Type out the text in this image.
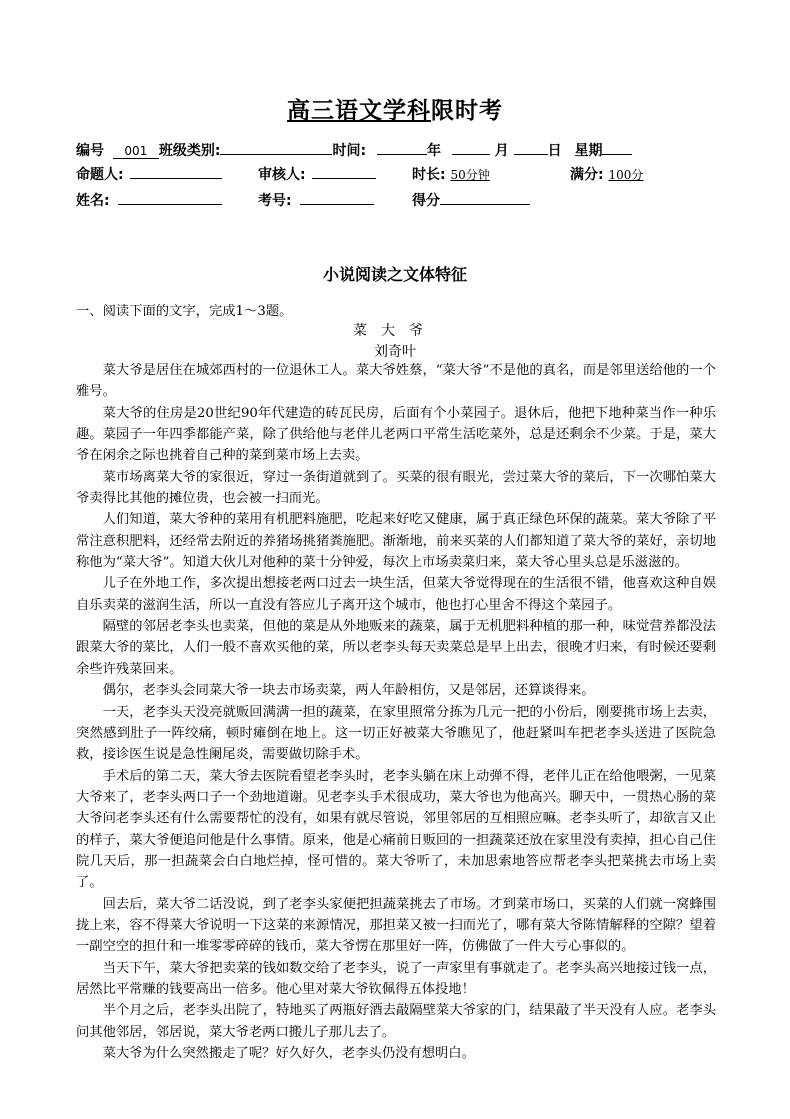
高三语文学科限时考
编号 001 班级类别:	时间:	年	月	日 星期
命题人:	审核人:	时长: 50分钟	满分: 100分
姓名:	考号:	得分
小说阅读之文体特征
一、阅读下面的文字，完成1～3题。
菜大爷
刘奇叶

菜大爷是居住在城郊西村的一位退休工人。菜大爷姓蔡，“菜大爷”不是他的真名，而是邻里送给他的一个雅号。

菜大爷的住房是20世纪90年代建造的砖瓦民房，后面有个小菜园子。退休后，他把下地种菜当作一种乐趣。菜园子一年四季都能产菜，除了供给他与老伴儿老两口平常生活吃菜外，总是还剩余不少菜。于是，菜大爷在闲余之际也挑着自己种的菜到菜市场上去卖。

菜市场离菜大爷的家很近，穿过一条街道就到了。买菜的很有眼光，尝过菜大爷的菜后，下一次哪怕菜大爷卖得比其他的摊位贵，也会被一扫而光。

人们知道，菜大爷种的菜用有机肥料施肥，吃起来好吃又健康，属于真正绿色环保的蔬菜。菜大爷除了平常注意积肥料，还经常去附近的养猪场挑猪粪施肥。渐渐地，前来买菜的人们都知道了菜大爷的菜好，亲切地称他为“菜大爷”。知道大伙儿对他种的菜十分钟爱，每次上市场卖菜归来，菜大爷心里头总是乐滋滋的。

儿子在外地工作，多次提出想接老两口过去一块生活，但菜大爷觉得现在的生活很不错，他喜欢这种自娱自乐卖菜的滋润生活，所以一直没有答应儿子离开这个城市，他也打心里舍不得这个菜园子。

隔壁的邻居老李头也卖菜，但他的菜是从外地贩来的蔬菜，属于无机肥料种植的那一种，味觉营养都没法跟菜大爷的菜比，人们一般不喜欢买他的菜，所以老李头每天卖菜总是早上出去，很晚才归来，有时候还要剩余些许残菜回来。

偶尔，老李头会同菜大爷一块去市场卖菜，两人年龄相仿，又是邻居，还算谈得来。

一天，老李头天没亮就贩回满满一担的蔬菜，在家里照常分拣为几元一把的小份后，刚要挑市场上去卖，突然感到肚子一阵绞痛，顿时瘫倒在地上。这一切正好被菜大爷瞧见了，他赶紧叫车把老李头送进了医院急救，接诊医生说是急性阑尾炎，需要做切除手术。

手术后的第二天，菜大爷去医院看望老李头时，老李头躺在床上动弹不得，老伴儿正在给他喂粥，一见菜大爷来了，老李头两口子一个劲地道谢。见老李头手术很成功，菜大爷也为他高兴。聊天中，一贯热心肠的菜大爷问老李头还有什么需要帮忙的没有，如果有就尽管说，邻里邻居的互相照应嘛。老李头听了，却欲言又止的样子，菜大爷便追问他是什么事情。原来，他是心痛前日贩回的一担蔬菜还放在家里没有卖掉，担心自己住院几天后，那一担蔬菜会白白地烂掉，怪可惜的。菜大爷听了，未加思索地答应帮老李头把菜挑去市场上卖了。

回去后，菜大爷二话没说，到了老李头家便把担蔬菜挑去了市场。才到菜市场口，买菜的人们就一窝蜂围拢上来，容不得菜大爷说明一下这菜的来源情况，那担菜又被一扫而光了，哪有菜大爷陈情解释的空隙？望着一副空空的担什和一堆零零碎碎的钱币，菜大爷愣在那里好一阵，仿佛做了一件大亏心事似的。

当天下午，菜大爷把卖菜的钱如数交给了老李头，说了一声家里有事就走了。老李头高兴地接过钱一点，居然比平常赚的钱要高出一倍多。他心里对菜大爷钦佩得五体投地！

半个月之后，老李头出院了，特地买了两瓶好酒去敲隔壁菜大爷家的门，结果敲了半天没有人应。老李头问其他邻居，邻居说，菜大爷老两口搬儿子那儿去了。

菜大爷为什么突然搬走了呢？好久好久，老李头仍没有想明白。
